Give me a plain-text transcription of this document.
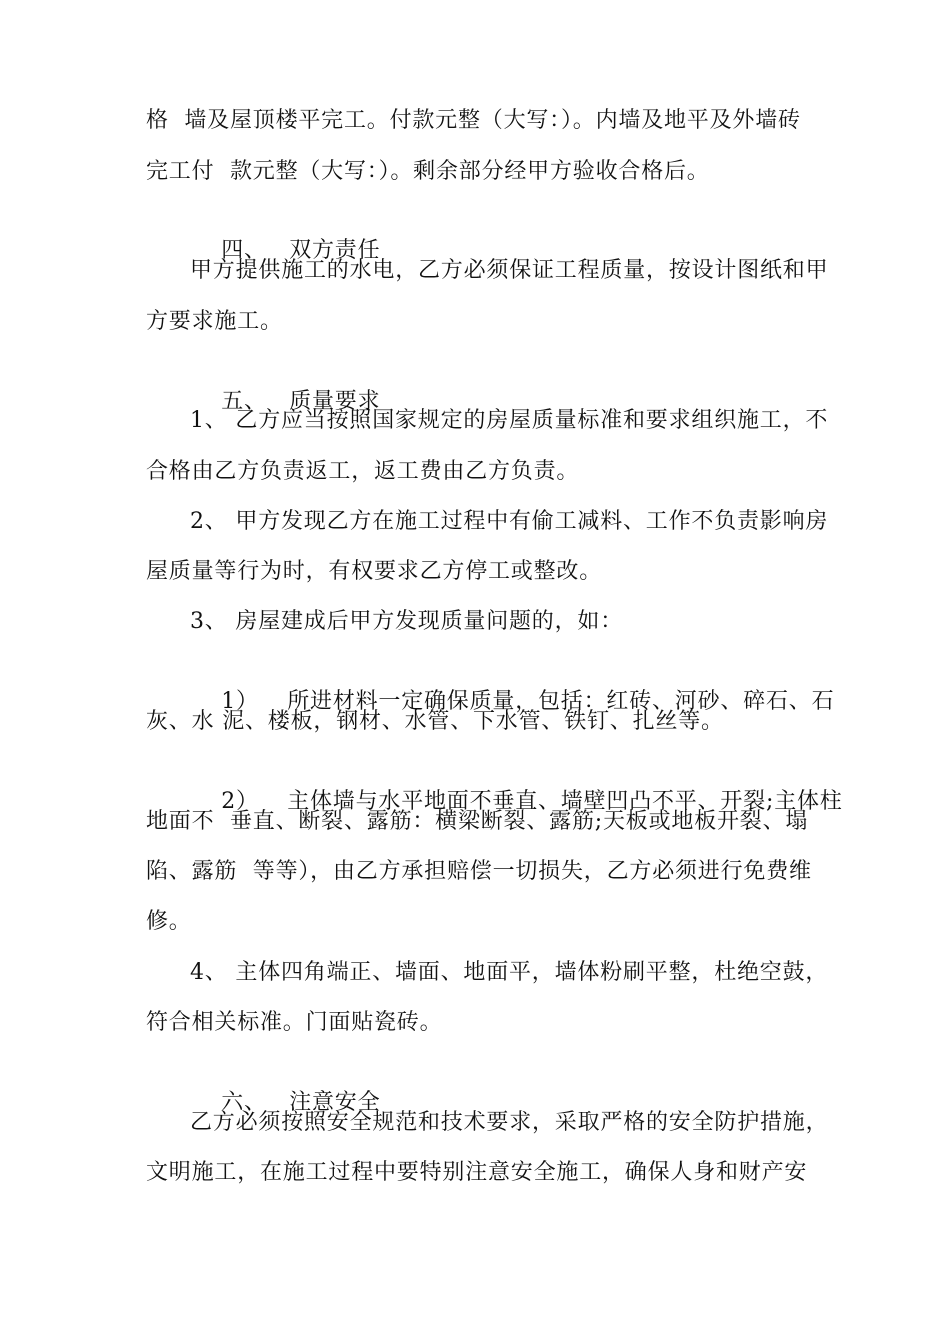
格  墙及屋顶楼平完工。付款元整（大写：）。内墙及地平及外墙砖
完工付  款元整（大写：）。剩余部分经甲方验收合格后。

四、 双方责任

甲方提供施工的水电，乙方必须保证工程质量，按设计图纸和甲
方要求施工。

五、 质量要求

1、 乙方应当按照国家规定的房屋质量标准和要求组织施工，不
合格由乙方负责返工，返工费由乙方负责。
2、 甲方发现乙方在施工过程中有偷工减料、工作不负责影响房
屋质量等行为时，有权要求乙方停工或整改。
3、 房屋建成后甲方发现质量问题的，如：

1） 所进材料一定确保质量，包括：红砖、河砂、碎石、石

灰、水 泥、楼板，钢材、水管、下水管、铁钉、扎丝等。

2） 主体墙与水平地面不垂直、墙壁凹凸不平、开裂;主体柱

地面不  垂直、断裂、露筋：横梁断裂、露筋;天板或地板开裂、塌
陷、露筋  等等），由乙方承担赔偿一切损失，乙方必须进行免费维
修。
4、 主体四角端正、墙面、地面平，墙体粉刷平整，杜绝空鼓，
符合相关标准。门面贴瓷砖。

六、 注意安全

乙方必须按照安全规范和技术要求，采取严格的安全防护措施，
文明施工，在施工过程中要特别注意安全施工，确保人身和财产安
